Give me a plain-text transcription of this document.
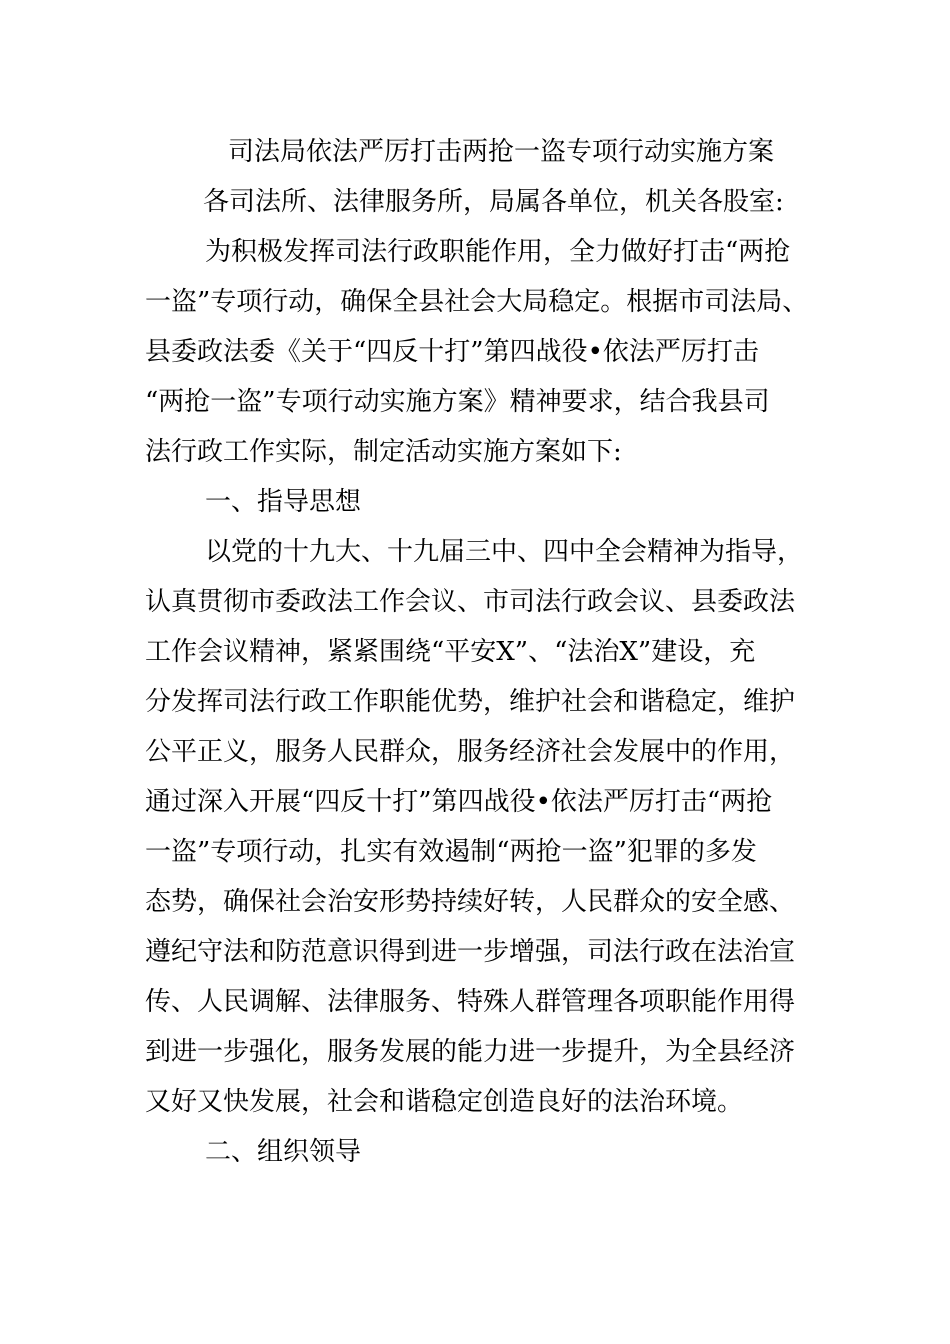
司法局依法严厉打击两抢一盗专项行动实施方案

各司法所、法律服务所，局属各单位，机关各股室:

为积极发挥司法行政职能作用，全力做好打击“两抢

一盗”专项行动，确保全县社会大局稳定。根据市司法局、

县委政法委《关于“四反十打”第四战役•依法严厉打击

“两抢一盗”专项行动实施方案》精神要求，结合我县司

法行政工作实际，制定活动实施方案如下:

一、指导思想

以党的十九大、十九届三中、四中全会精神为指导，

认真贯彻市委政法工作会议、市司法行政会议、县委政法

工作会议精神，紧紧围绕“平安X”、“法治X”建设，充

分发挥司法行政工作职能优势，维护社会和谐稳定，维护

公平正义，服务人民群众，服务经济社会发展中的作用，

通过深入开展“四反十打”第四战役•依法严厉打击“两抢

一盗”专项行动，扎实有效遏制“两抢一盗”犯罪的多发

态势，确保社会治安形势持续好转，人民群众的安全感、

遵纪守法和防范意识得到进一步增强，司法行政在法治宣

传、人民调解、法律服务、特殊人群管理各项职能作用得

到进一步强化，服务发展的能力进一步提升，为全县经济

又好又快发展，社会和谐稳定创造良好的法治环境。

二、组织领导
